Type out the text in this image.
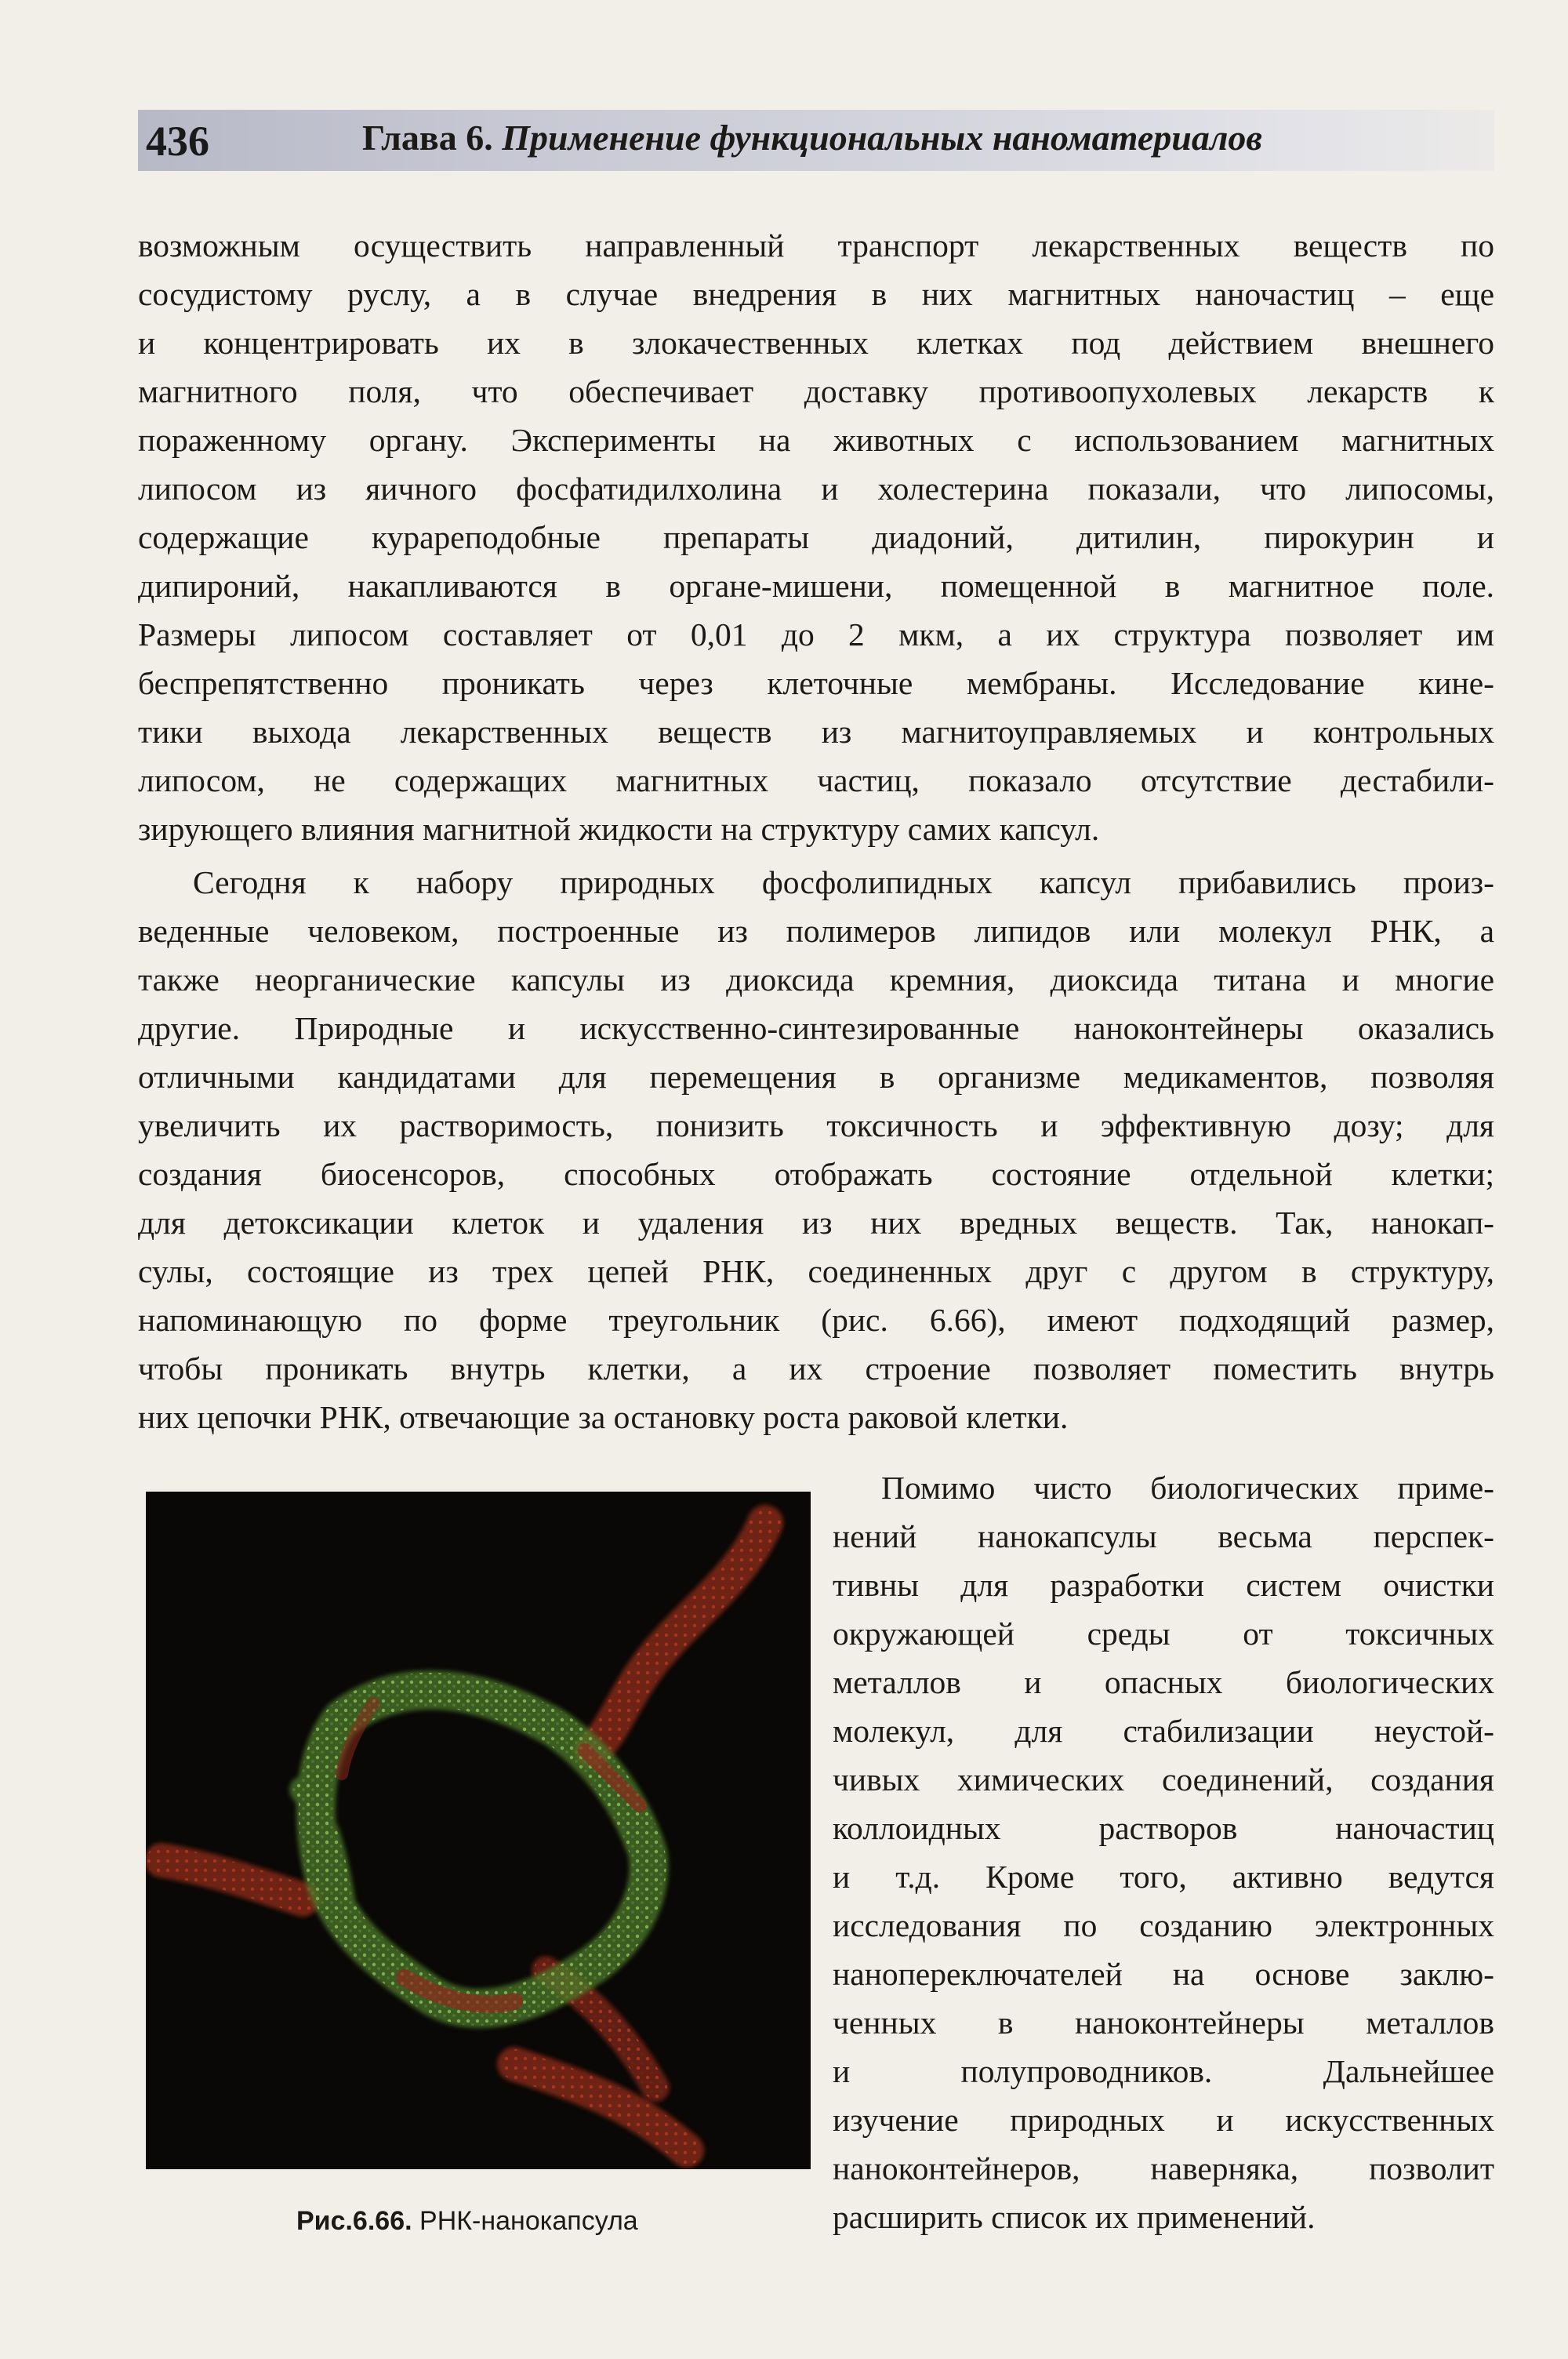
436	Глава 6. Применение функциональных наноматериалов
возможным осуществить направленный транспорт лекарственных веществ по
сосудистому руслу, а в случае внедрения в них магнитных наночастиц – еще
и концентрировать их в злокачественных клетках под действием внешнего
магнитного поля, что обеспечивает доставку противоопухолевых лекарств к
пораженному органу. Эксперименты на животных с использованием магнитных
липосом из яичного фосфатидилхолина и холестерина показали, что липосомы,
содержащие курареподобные препараты диадоний, дитилин, пирокурин и
дипироний, накапливаются в органе-мишени, помещенной в магнитное поле.
Размеры липосом составляет от 0,01 до 2 мкм, а их структура позволяет им
беспрепятственно проникать через клеточные мембраны. Исследование кине-
тики выхода лекарственных веществ из магнитоуправляемых и контрольных
липосом, не содержащих магнитных частиц, показало отсутствие дестабили-
зирующего влияния магнитной жидкости на структуру самих капсул.
Сегодня к набору природных фосфолипидных капсул прибавились произ-
веденные человеком, построенные из полимеров липидов или молекул РНК, а
также неорганические капсулы из диоксида кремния, диоксида титана и многие
другие. Природные и искусственно-синтезированные наноконтейнеры оказались
отличными кандидатами для перемещения в организме медикаментов, позволяя
увеличить их растворимость, понизить токсичность и эффективную дозу; для
создания биосенсоров, способных отображать состояние отдельной клетки;
для детоксикации клеток и удаления из них вредных веществ. Так, нанокап-
сулы, состоящие из трех цепей РНК, соединенных друг с другом в структуру,
напоминающую по форме треугольник (рис. 6.66), имеют подходящий размер,
чтобы проникать внутрь клетки, а их строение позволяет поместить внутрь
них цепочки РНК, отвечающие за остановку роста раковой клетки.
Рис.6.66. РНК-нанокапсула
Помимо чисто биологических приме-
нений нанокапсулы весьма перспек-
тивны для разработки систем очистки
окружающей среды от токсичных
металлов и опасных биологических
молекул, для стабилизации неустой-
чивых химических соединений, создания
коллоидных растворов наночастиц
и т.д. Кроме того, активно ведутся
исследования по созданию электронных
нанопереключателей на основе заклю-
ченных в наноконтейнеры металлов
и полупроводников. Дальнейшее
изучение природных и искусственных
наноконтейнеров, наверняка, позволит
расширить список их применений.
